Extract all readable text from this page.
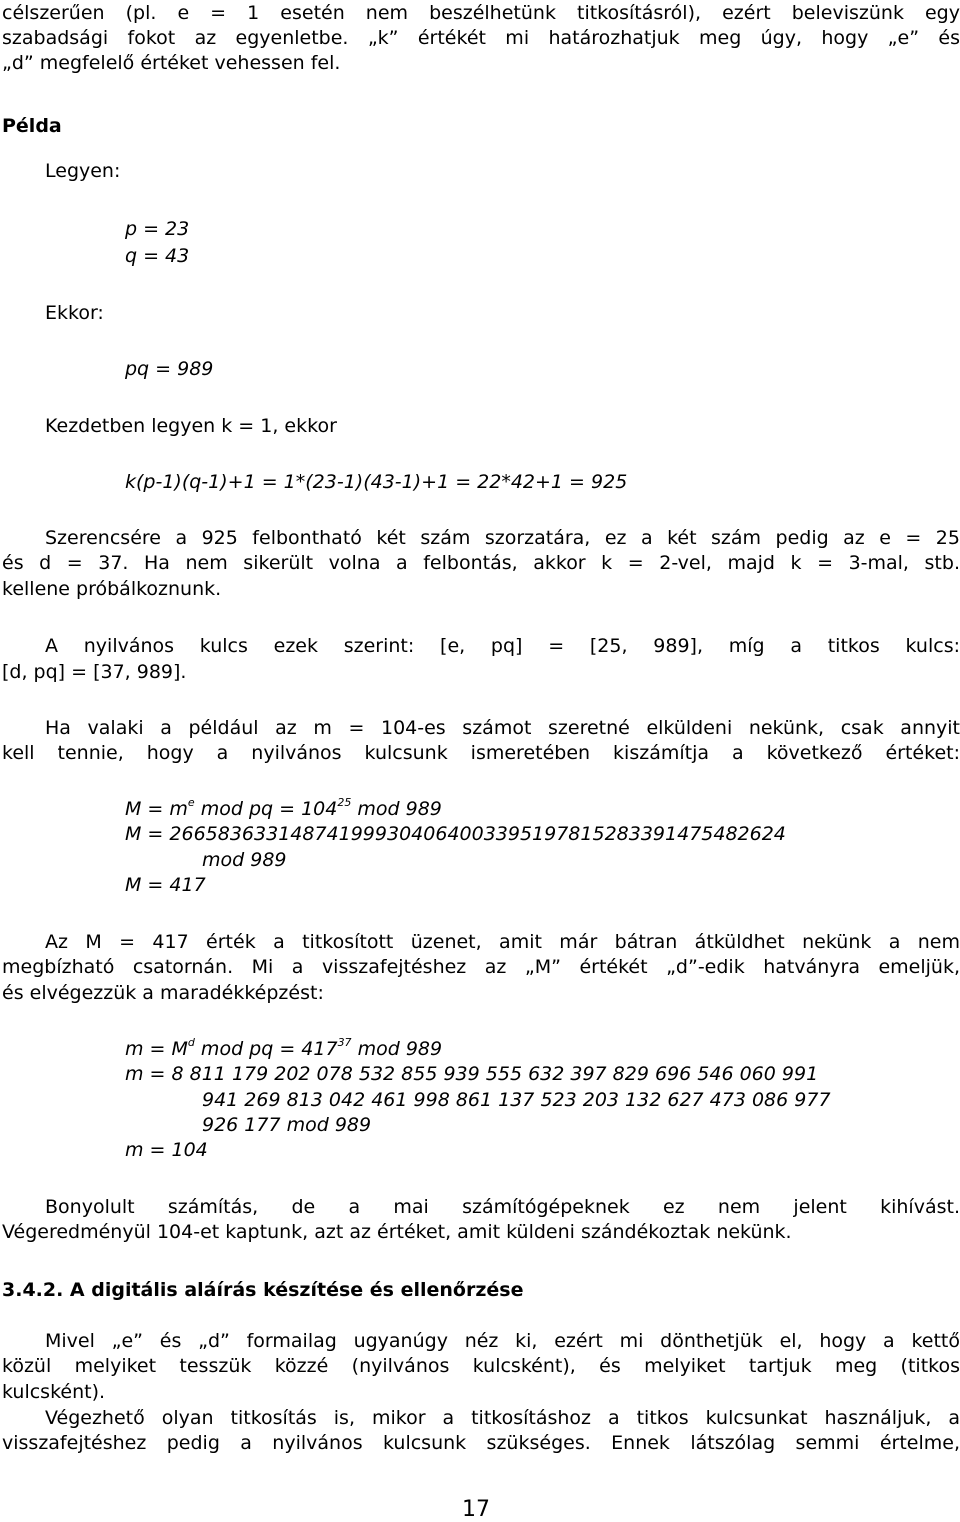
célszerűen (pl. e = 1 esetén nem beszélhetünk titkosításról), ezért beleviszünk egy
szabadsági fokot az egyenletbe. „k” értékét mi határozhatjuk meg úgy, hogy „e” és
„d” megfelelő értéket vehessen fel.
Példa
Legyen:
p = 23
q = 43
Ekkor:
pq = 989
Kezdetben legyen k = 1, ekkor
k(p-1)(q-1)+1 = 1*(23-1)(43-1)+1 = 22*42+1 = 925
Szerencsére a 925 felbontható két szám szorzatára, ez a két szám pedig az e = 25
és d = 37. Ha nem sikerült volna a felbontás, akkor k = 2-vel, majd k = 3-mal, stb.
kellene próbálkoznunk.
A nyilvános kulcs ezek szerint: [e, pq] = [25, 989], míg a titkos kulcs:
[d, pq] = [37, 989].
Ha valaki a például az m = 104-es számot szeretné elküldeni nekünk, csak annyit
kell tennie, hogy a nyilvános kulcsunk ismeretében kiszámítja a következő értéket:
$M = m^e$ mod pq = $104^{25}$ mod 989
M = 266583633148741999304064003395197815283391475482624
mod 989
M = 417
Az M = 417 érték a titkosított üzenet, amit már bátran átküldhet nekünk a nem
megbízható csatornán. Mi a visszafejtéshez az „M” értékét „d”-edik hatványra emeljük,
és elvégezzük a maradékképzést:
$m = M^d$ mod pq = $417^{37}$ mod 989
m = 8 811 179 202 078 532 855 939 555 632 397 829 696 546 060 991
941 269 813 042 461 998 861 137 523 203 132 627 473 086 977
926 177 mod 989
m = 104
Bonyolult számítás, de a mai számítógépeknek ez nem jelent kihívást.
Végeredményül 104-et kaptunk, azt az értéket, amit küldeni szándékoztak nekünk.
3.4.2. A digitális aláírás készítése és ellenőrzése
Mivel „e” és „d” formailag ugyanúgy néz ki, ezért mi dönthetjük el, hogy a kettő
közül melyiket tesszük közzé (nyilvános kulcsként), és melyiket tartjuk meg (titkos
kulcsként).
Végezhető olyan titkosítás is, mikor a titkosításhoz a titkos kulcsunkat használjuk, a
visszafejtéshez pedig a nyilvános kulcsunk szükséges. Ennek látszólag semmi értelme,
17
